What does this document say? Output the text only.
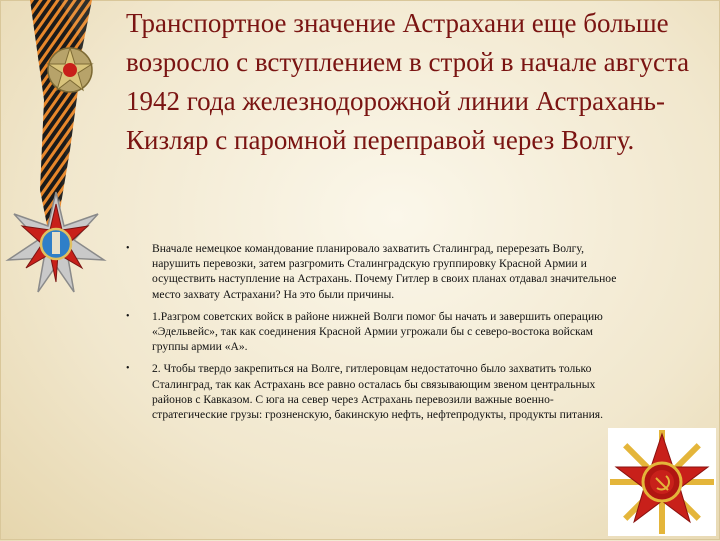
Транспортное значение Астрахани еще больше возросло с вступлением в строй в начале августа 1942 года железнодорожной линии Астрахань-Кизляр с паромной переправой через Волгу.
• Вначале немецкое командование планировало захватить Сталинград, перерезать Волгу, нарушить перевозки, затем разгромить Сталинградскую группировку Красной Армии и осуществить наступление на Астрахань. Почему Гитлер в своих планах отдавал значительное место захвату Астрахани? На это были причины.
• 1.Разгром советских войск в районе нижней Волги помог бы начать и завершить операцию «Эдельвейс», так как соединения Красной Армии угрожали бы с северо-востока войскам группы армии «А».
• 2. Чтобы твердо закрепиться на Волге, гитлеровцам недостаточно было захватить только Сталинград, так как Астрахань все равно осталась бы связывающим звеном центральных районов с Кавказом. С юга на север через Астрахань перевозили важные военно-стратегические грузы: грозненскую, бакинскую нефть, нефтепродукты, продукты питания.
